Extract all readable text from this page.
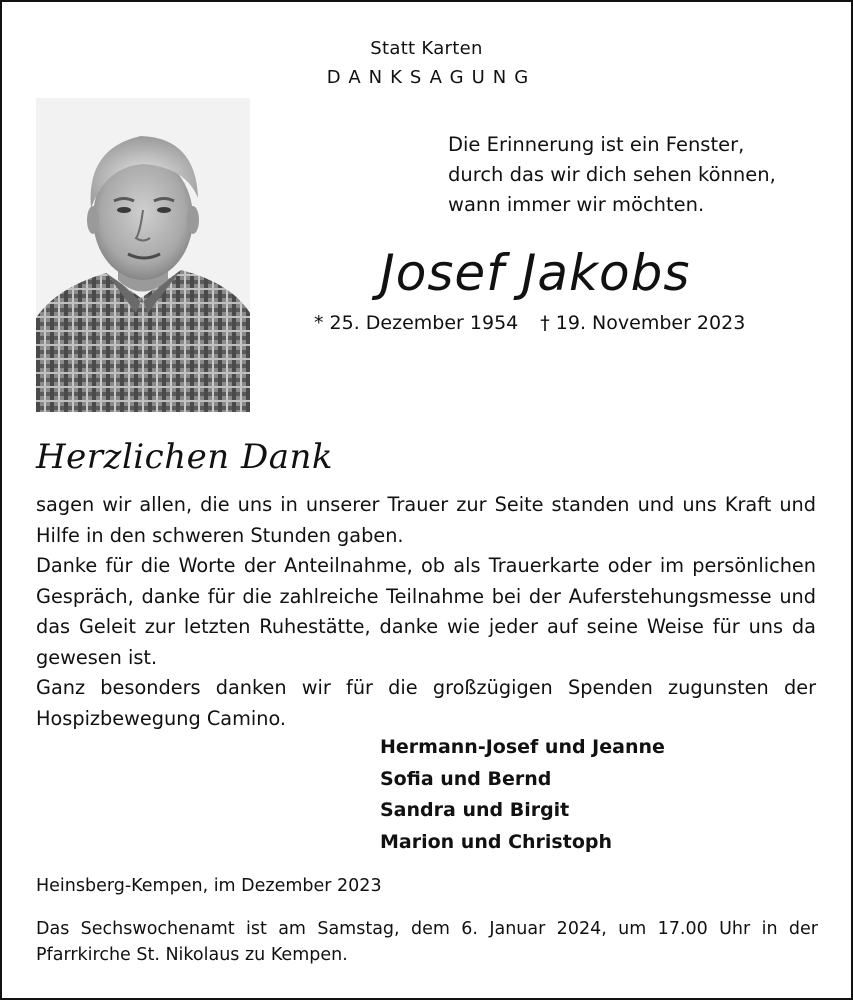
Statt Karten
DANKSAGUNG
Die Erinnerung ist ein Fenster,
durch das wir dich sehen können,
wann immer wir möchten.
Josef Jakobs
* 25. Dezember 1954 † 19. November 2023
Herzlichen Dank

sagen wir allen, die uns in unserer Trauer zur Seite standen und uns Kraft und Hilfe in den schweren Stunden gaben.

Danke für die Worte der Anteilnahme, ob als Trauerkarte oder im persönlichen Gespräch, danke für die zahlreiche Teilnahme bei der Auferstehungsmesse und das Geleit zur letzten Ruhestätte, danke wie jeder auf seine Weise für uns da gewesen ist.

Ganz besonders danken wir für die großzügigen Spenden zugunsten der Hospizbewegung Camino.

Hermann-Josef und Jeanne
Sofia und Bernd
Sandra und Birgit
Marion und Christoph
Heinsberg-Kempen, im Dezember 2023
Das Sechswochenamt ist am Samstag, dem 6. Januar 2024, um 17.00 Uhr in der Pfarrkirche St. Nikolaus zu Kempen.
